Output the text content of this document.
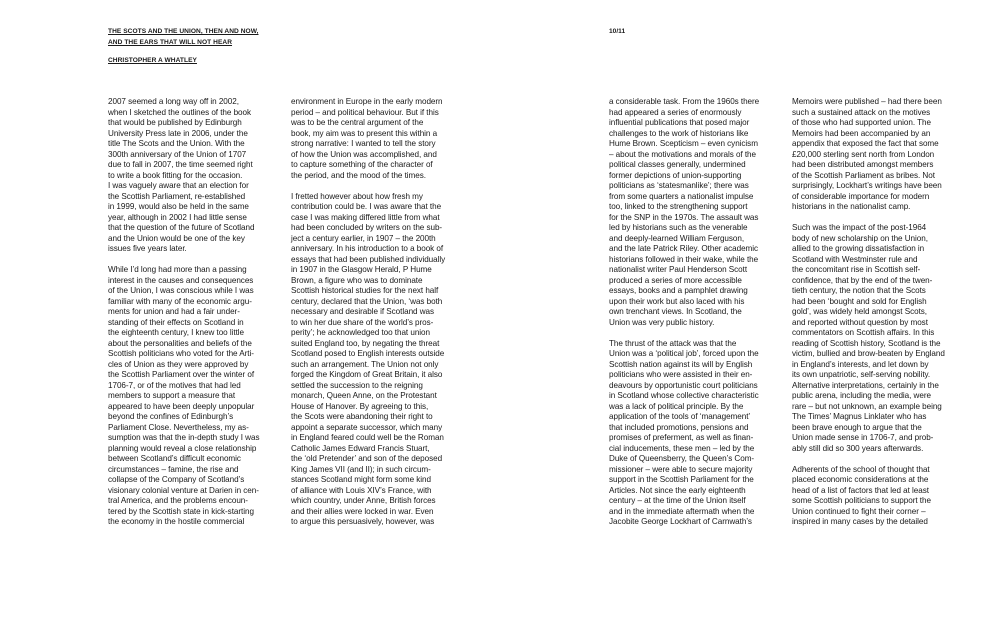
THE SCOTS AND THE UNION, THEN AND NOW,
AND THE EARS THAT WILL NOT HEAR
CHRISTOPHER A WHATLEY
10/11

2007 seemed a long way off in 2002,
when I sketched the outlines of the book
that would be published by Edinburgh
University Press late in 2006, under the
title The Scots and the Union. With the
300th anniversary of the Union of 1707
due to fall in 2007, the time seemed right
to write a book fitting for the occasion.
I was vaguely aware that an election for
the Scottish Parliament, re-established
in 1999, would also be held in the same
year, although in 2002 I had little sense
that the question of the future of Scotland
and the Union would be one of the key
issues five years later.

While I’d long had more than a passing
interest in the causes and consequences
of the Union, I was conscious while I was
familiar with many of the economic argu-
ments for union and had a fair under-
standing of their effects on Scotland in
the eighteenth century, I knew too little
about the personalities and beliefs of the
Scottish politicians who voted for the Arti-
cles of Union as they were approved by
the Scottish Parliament over the winter of
1706-7, or of the motives that had led
members to support a measure that
appeared to have been deeply unpopular
beyond the confines of Edinburgh’s
Parliament Close. Nevertheless, my as-
sumption was that the in-depth study I was
planning would reveal a close relationship
between Scotland’s difficult economic
circumstances – famine, the rise and
collapse of the Company of Scotland’s
visionary colonial venture at Darien in cen-
tral America, and the problems encoun-
tered by the Scottish state in kick-starting
the economy in the hostile commercial

environment in Europe in the early modern
period – and political behaviour. But if this
was to be the central argument of the
book, my aim was to present this within a
strong narrative: I wanted to tell the story
of how the Union was accomplished, and
to capture something of the character of
the period, and the mood of the times.

I fretted however about how fresh my
contribution could be. I was aware that the
case I was making differed little from what
had been concluded by writers on the sub-
ject a century earlier, in 1907 – the 200th
anniversary. In his introduction to a book of
essays that had been published individually
in 1907 in the Glasgow Herald, P Hume
Brown, a figure who was to dominate
Scottish historical studies for the next half
century, declared that the Union, ‘was both
necessary and desirable if Scotland was
to win her due share of the world’s pros-
perity’; he acknowledged too that union
suited England too, by negating the threat
Scotland posed to English interests outside
such an arrangement. The Union not only
forged the Kingdom of Great Britain, it also
settled the succession to the reigning
monarch, Queen Anne, on the Protestant
House of Hanover. By agreeing to this,
the Scots were abandoning their right to
appoint a separate successor, which many
in England feared could well be the Roman
Catholic James Edward Francis Stuart,
the ‘old Pretender’ and son of the deposed
King James VII (and II); in such circum-
stances Scotland might form some kind
of alliance with Louis XIV’s France, with
which country, under Anne, British forces
and their allies were locked in war. Even
to argue this persuasively, however, was

a considerable task. From the 1960s there
had appeared a series of enormously
influential publications that posed major
challenges to the work of historians like
Hume Brown. Scepticism – even cynicism
– about the motivations and morals of the
political classes generally, undermined
former depictions of union-supporting
politicians as ‘statesmanlike’; there was
from some quarters a nationalist impulse
too, linked to the strengthening support
for the SNP in the 1970s. The assault was
led by historians such as the venerable
and deeply-learned William Ferguson,
and the late Patrick Riley. Other academic
historians followed in their wake, while the
nationalist writer Paul Henderson Scott
produced a series of more accessible
essays, books and a pamphlet drawing
upon their work but also laced with his
own trenchant views. In Scotland, the
Union was very public history.

The thrust of the attack was that the
Union was a ‘political job’, forced upon the
Scottish nation against its will by English
politicians who were assisted in their en-
deavours by opportunistic court politicians
in Scotland whose collective characteristic
was a lack of political principle. By the
application of the tools of ‘management’
that included promotions, pensions and
promises of preferment, as well as finan-
cial inducements, these men – led by the
Duke of Queensberry, the Queen’s Com-
missioner – were able to secure majority
support in the Scottish Parliament for the
Articles. Not since the early eighteenth
century – at the time of the Union itself
and in the immediate aftermath when the
Jacobite George Lockhart of Carnwath’s

Memoirs were published – had there been
such a sustained attack on the motives
of those who had supported union. The
Memoirs had been accompanied by an
appendix that exposed the fact that some
£20,000 sterling sent north from London
had been distributed amongst members
of the Scottish Parliament as bribes. Not
surprisingly, Lockhart’s writings have been
of considerable importance for modern
historians in the nationalist camp.

Such was the impact of the post-1964
body of new scholarship on the Union,
allied to the growing dissatisfaction in
Scotland with Westminster rule and
the concomitant rise in Scottish self-
confidence, that by the end of the twen-
tieth century, the notion that the Scots
had been ‘bought and sold for English
gold’, was widely held amongst Scots,
and reported without question by most
commentators on Scottish affairs. In this
reading of Scottish history, Scotland is the
victim, bullied and brow-beaten by England
in England’s interests, and let down by
its own unpatriotic, self-serving nobility.
Alternative interpretations, certainly in the
public arena, including the media, were
rare – but not unknown, an example being
The Times’ Magnus Linklater who has
been brave enough to argue that the
Union made sense in 1706-7, and prob-
ably still did so 300 years afterwards.

Adherents of the school of thought that
placed economic considerations at the
head of a list of factors that led at least
some Scottish politicians to support the
Union continued to fight their corner –
inspired in many cases by the detailed
